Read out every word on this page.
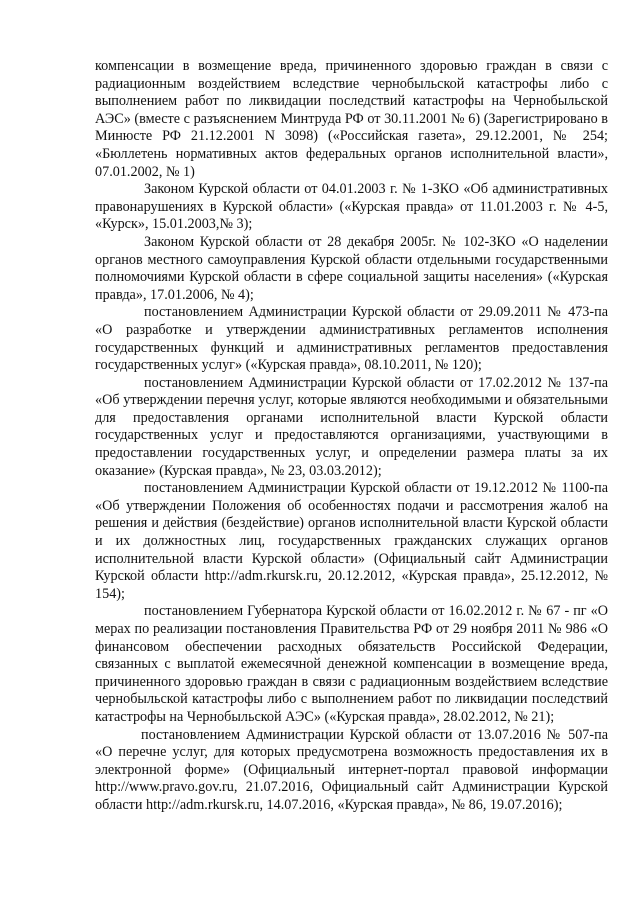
компенсации в возмещение вреда, причиненного здоровью граждан в связи с радиационным воздействием вследствие чернобыльской катастрофы либо с выполнением работ по ликвидации последствий катастрофы на Чернобыльской АЭС» (вместе с разъяснением Минтруда РФ от 30.11.2001 № 6) (Зарегистрировано в Минюсте РФ 21.12.2001 N 3098) («Российская газета», 29.12.2001, № 254; «Бюллетень нормативных актов федеральных органов исполнительной власти», 07.01.2002, № 1)

Законом Курской области от 04.01.2003 г. № 1-ЗКО «Об административных правонарушениях в Курской области» («Курская правда» от 11.01.2003 г. № 4-5, «Курск», 15.01.2003,№ 3);

Законом Курской области от 28 декабря 2005г. № 102-ЗКО «О наделении органов местного самоуправления Курской области отдельными государственными полномочиями Курской области в сфере социальной защиты населения» («Курская правда», 17.01.2006, № 4);

постановлением Администрации Курской области от 29.09.2011 № 473-па «О разработке и утверждении административных регламентов исполнения государственных функций и административных регламентов предоставления государственных услуг» («Курская правда», 08.10.2011, № 120);

постановлением Администрации Курской области от 17.02.2012 № 137-па «Об утверждении перечня услуг, которые являются необходимыми и обязательными для предоставления органами исполнительной власти Курской области государственных услуг и предоставляются организациями, участвующими в предоставлении государственных услуг, и определении размера платы за их оказание» (Курская правда», № 23, 03.03.2012);

постановлением Администрации Курской области от 19.12.2012 № 1100-па «Об утверждении Положения об особенностях подачи и рассмотрения жалоб на решения и действия (бездействие) органов исполнительной власти Курской области и их должностных лиц, государственных гражданских служащих органов исполнительной власти Курской области» (Официальный сайт Администрации Курской области http://adm.rkursk.ru, 20.12.2012, «Курская правда», 25.12.2012, № 154);

постановлением Губернатора Курской области от 16.02.2012 г. № 67 - пг «О мерах по реализации постановления Правительства РФ от 29 ноября 2011 № 986 «О финансовом обеспечении расходных обязательств Российской Федерации, связанных с выплатой ежемесячной денежной компенсации в возмещение вреда, причиненного здоровью граждан в связи с радиационным воздействием вследствие чернобыльской катастрофы либо с выполнением работ по ликвидации последствий катастрофы на Чернобыльской АЭС» («Курская правда», 28.02.2012, № 21);

постановлением Администрации Курской области от 13.07.2016 № 507-па «О перечне услуг, для которых предусмотрена возможность предоставления их в электронной форме» (Официальный интернет-портал правовой информации http://www.pravo.gov.ru, 21.07.2016, Официальный сайт Администрации Курской области http://adm.rkursk.ru, 14.07.2016, «Курская правда», № 86, 19.07.2016);
